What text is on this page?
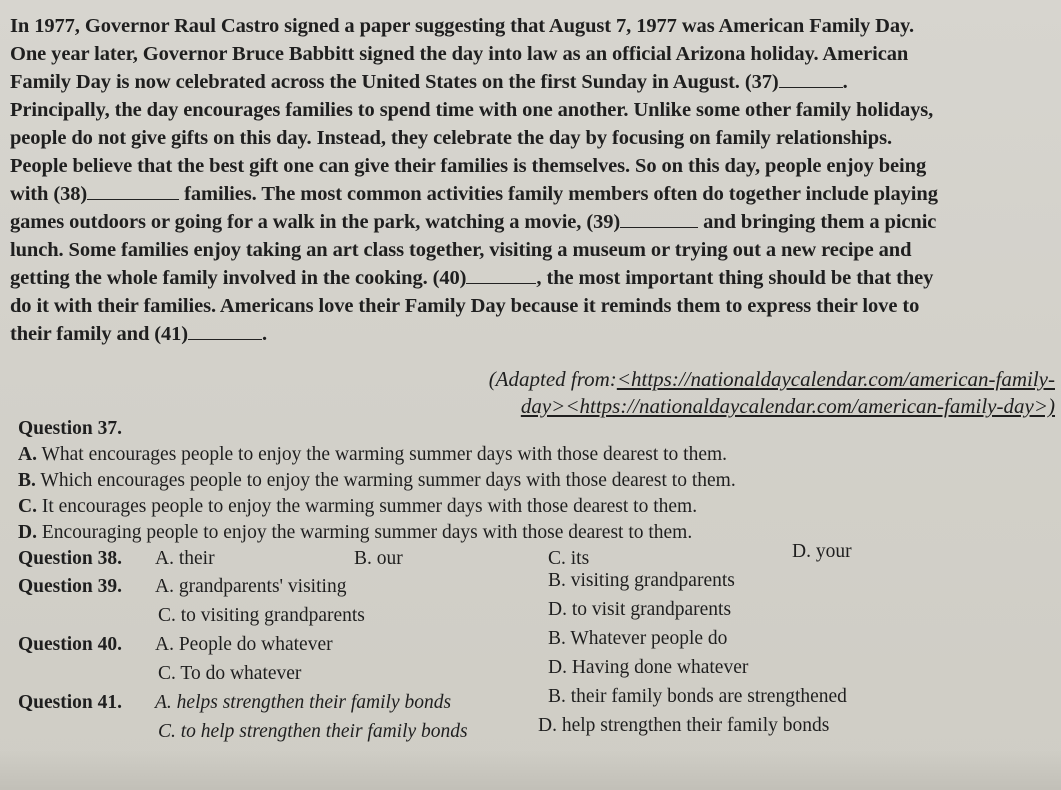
In 1977, Governor Raul Castro signed a paper suggesting that August 7, 1977 was American Family Day.
One year later, Governor Bruce Babbitt signed the day into law as an official Arizona holiday. American
Family Day is now celebrated across the United States on the first Sunday in August. (37)	.
Principally, the day encourages families to spend time with one another. Unlike some other family holidays,
people do not give gifts on this day. Instead, they celebrate the day by focusing on family relationships.
People believe that the best gift one can give their families is themselves. So on this day, people enjoy being
with (38)	families. The most common activities family members often do together include playing
games outdoors or going for a walk in the park, watching a movie, (39)	and bringing them a picnic
lunch. Some families enjoy taking an art class together, visiting a museum or trying out a new recipe and
getting the whole family involved in the cooking. (40)	, the most important thing should be that they
do it with their families. Americans love their Family Day because it reminds them to express their love to
their family and (41)	.
(Adapted from:<https://nationaldaycalendar.com/american-family-
day><https://nationaldaycalendar.com/american-family-day>)
Question 37.
A. What encourages people to enjoy the warming summer days with those dearest to them.
B. Which encourages people to enjoy the warming summer days with those dearest to them.
C. It encourages people to enjoy the warming summer days with those dearest to them.
D. Encouraging people to enjoy the warming summer days with those dearest to them.
Question 38. A. their	B. our	C. its	D. your
Question 39. A. grandparents' visiting	B. visiting grandparents
C. to visiting grandparents	D. to visit grandparents
Question 40. A. People do whatever	B. Whatever people do
C. To do whatever	D. Having done whatever
Question 41. A. helps strengthen their family bonds	B. their family bonds are strengthened
C. to help strengthen their family bonds	D. help strengthen their family bonds
